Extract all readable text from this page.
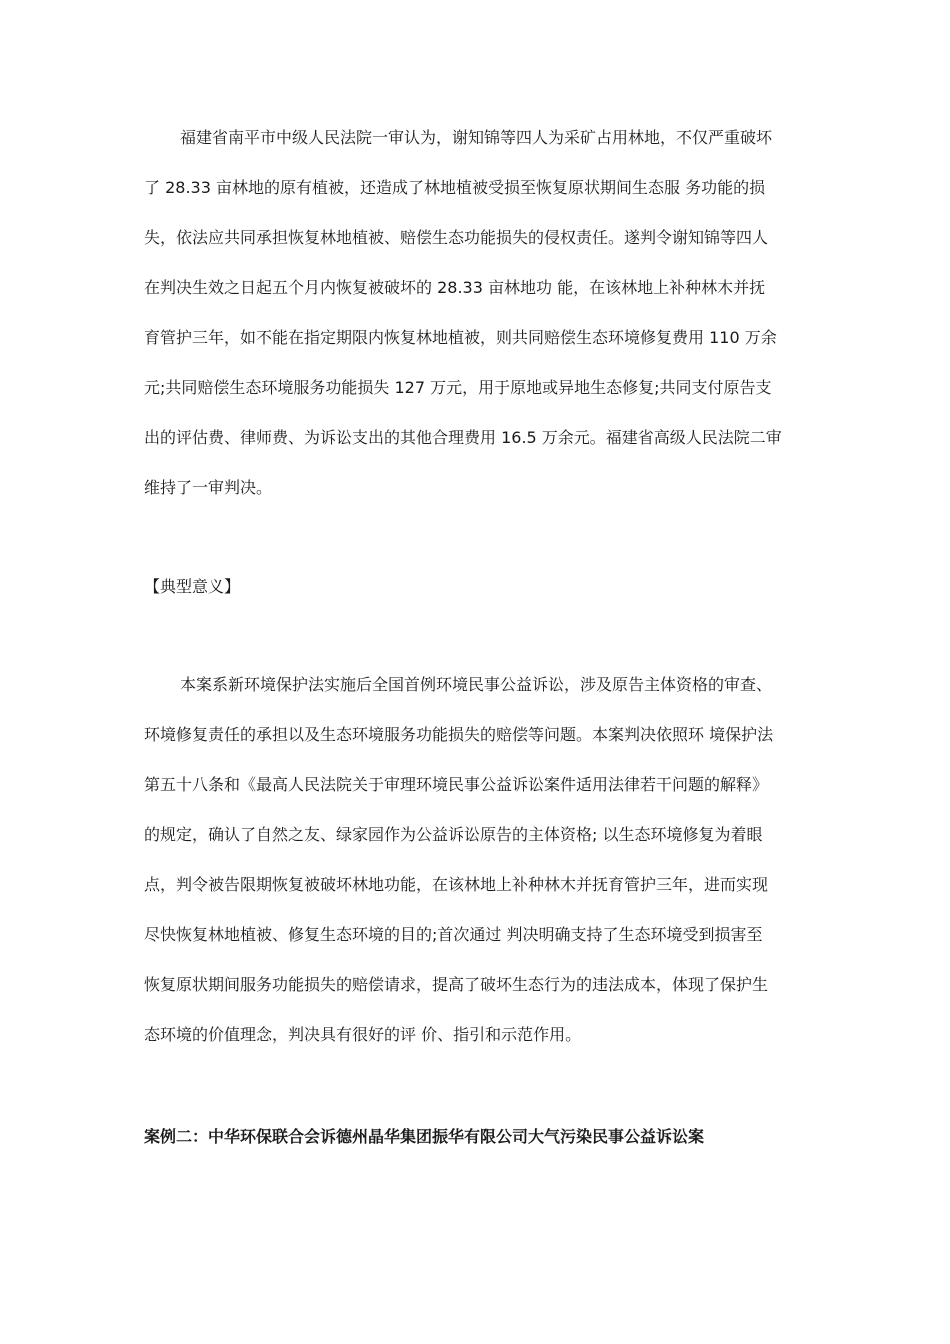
福建省南平市中级人民法院一审认为，谢知锦等四人为采矿占用林地，不仅严重破坏
了 28.33 亩林地的原有植被，还造成了林地植被受损至恢复原状期间生态服 务功能的损
失，依法应共同承担恢复林地植被、赔偿生态功能损失的侵权责任。遂判令谢知锦等四人
在判决生效之日起五个月内恢复被破坏的 28.33 亩林地功 能，在该林地上补种林木并抚
育管护三年，如不能在指定期限内恢复林地植被，则共同赔偿生态环境修复费用 110 万余
元;共同赔偿生态环境服务功能损失 127 万元，用于原地或异地生态修复;共同支付原告支
出的评估费、律师费、为诉讼支出的其他合理费用 16.5 万余元。福建省高级人民法院二审
维持了一审判决。
【典型意义】
本案系新环境保护法实施后全国首例环境民事公益诉讼，涉及原告主体资格的审查、
环境修复责任的承担以及生态环境服务功能损失的赔偿等问题。本案判决依照环 境保护法
第五十八条和《最高人民法院关于审理环境民事公益诉讼案件适用法律若干问题的解释》
的规定，确认了自然之友、绿家园作为公益诉讼原告的主体资格; 以生态环境修复为着眼
点，判令被告限期恢复被破坏林地功能，在该林地上补种林木并抚育管护三年，进而实现
尽快恢复林地植被、修复生态环境的目的;首次通过 判决明确支持了生态环境受到损害至
恢复原状期间服务功能损失的赔偿请求，提高了破坏生态行为的违法成本，体现了保护生
态环境的价值理念，判决具有很好的评 价、指引和示范作用。
案例二：中华环保联合会诉德州晶华集团振华有限公司大气污染民事公益诉讼案
